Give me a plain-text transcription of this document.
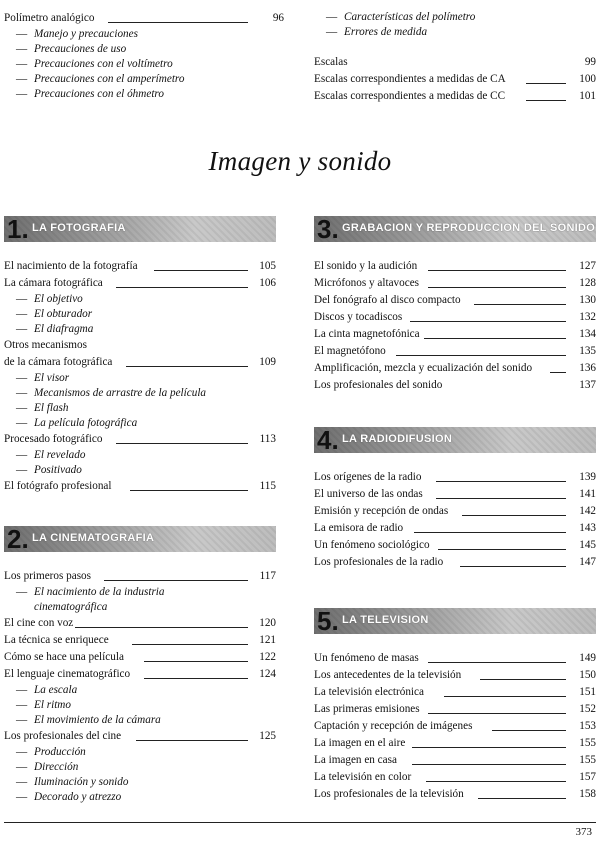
Polímetro analógico	96
— Manejo y precauciones
— Precauciones de uso
— Precauciones con el voltímetro
— Precauciones con el amperímetro
— Precauciones con el óhmetro
— Características del polímetro
— Errores de medida
Escalas	99
Escalas correspondientes a medidas de CA	100
Escalas correspondientes a medidas de CC	101
Imagen y sonido
1. LA FOTOGRAFIA
El nacimiento de la fotografía	105
La cámara fotográfica	106
— El objetivo
— El obturador
— El diafragma
Otros mecanismos
de la cámara fotográfica	109
— El visor
— Mecanismos de arrastre de la película
— El flash
— La película fotográfica
Procesado fotográfico	113
— El revelado
— Positivado
El fotógrafo profesional	115
2. LA CINEMATOGRAFIA
Los primeros pasos	117
— El nacimiento de la industria
cinematográfica
El cine con voz	120
La técnica se enriquece	121
Cómo se hace una película	122
El lenguaje cinematográfico	124
— La escala
— El ritmo
— El movimiento de la cámara
Los profesionales del cine	125
— Producción
— Dirección
— Iluminación y sonido
— Decorado y atrezzo
3. GRABACION Y REPRODUCCION DEL SONIDO
El sonido y la audición	127
Micrófonos y altavoces	128
Del fonógrafo al disco compacto	130
Discos y tocadiscos	132
La cinta magnetofónica	134
El magnetófono	135
Amplificación, mezcla y ecualización del sonido	136
Los profesionales del sonido	137
4. LA RADIODIFUSION
Los orígenes de la radio	139
El universo de las ondas	141
Emisión y recepción de ondas	142
La emisora de radio	143
Un fenómeno sociológico	145
Los profesionales de la radio	147
5. LA TELEVISION
Un fenómeno de masas	149
Los antecedentes de la televisión	150
La televisión electrónica	151
Las primeras emisiones	152
Captación y recepción de imágenes	153
La imagen en el aire	155
La imagen en casa	155
La televisión en color	157
Los profesionales de la televisión	158
373
